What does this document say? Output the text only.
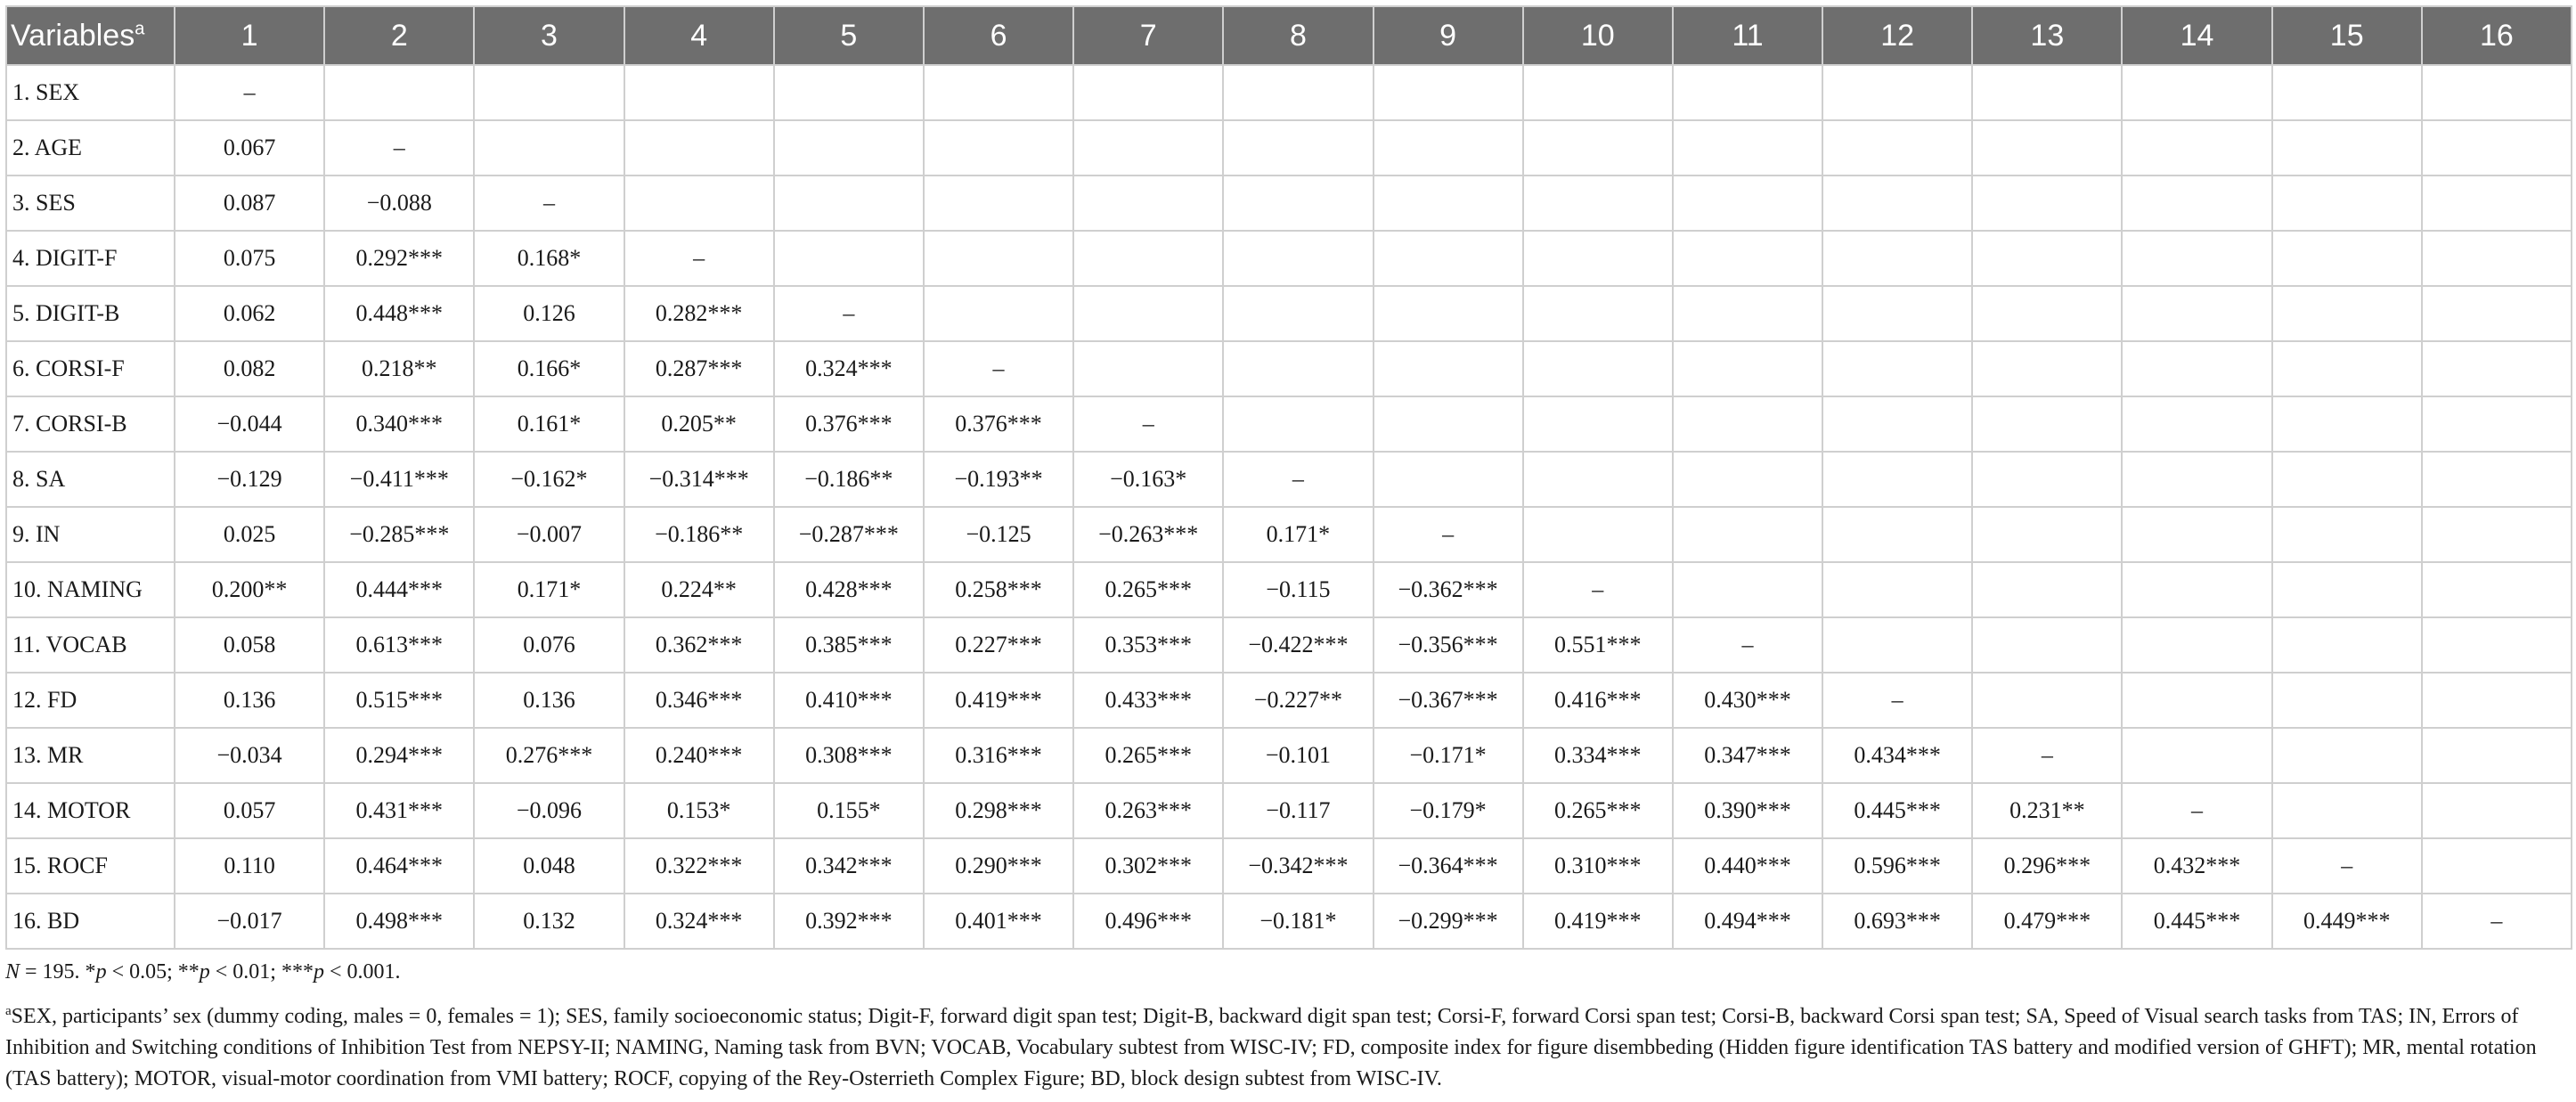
Variables$^a$	1	2	3	4	5	6	7	8	9	10	11	12	13	14	15	16
1. SEX	–															
2. AGE	0.067	–														
3. SES	0.087	−0.088	–													
4. DIGIT-F	0.075	0.292***	0.168*	–												
5. DIGIT-B	0.062	0.448***	0.126	0.282***	–											
6. CORSI-F	0.082	0.218**	0.166*	0.287***	0.324***	–										
7. CORSI-B	−0.044	0.340***	0.161*	0.205**	0.376***	0.376***	–									
8. SA	−0.129	−0.411***	−0.162*	−0.314***	−0.186**	−0.193**	−0.163*	–								
9. IN	0.025	−0.285***	−0.007	−0.186**	−0.287***	−0.125	−0.263***	0.171*	–							
10. NAMING	0.200**	0.444***	0.171*	0.224**	0.428***	0.258***	0.265***	−0.115	−0.362***	–						
11. VOCAB	0.058	0.613***	0.076	0.362***	0.385***	0.227***	0.353***	−0.422***	−0.356***	0.551***	–					
12. FD	0.136	0.515***	0.136	0.346***	0.410***	0.419***	0.433***	−0.227**	−0.367***	0.416***	0.430***	–				
13. MR	−0.034	0.294***	0.276***	0.240***	0.308***	0.316***	0.265***	−0.101	−0.171*	0.334***	0.347***	0.434***	–			
14. MOTOR	0.057	0.431***	−0.096	0.153*	0.155*	0.298***	0.263***	−0.117	−0.179*	0.265***	0.390***	0.445***	0.231**	–		
15. ROCF	0.110	0.464***	0.048	0.322***	0.342***	0.290***	0.302***	−0.342***	−0.364***	0.310***	0.440***	0.596***	0.296***	0.432***	–	
16. BD	−0.017	0.498***	0.132	0.324***	0.392***	0.401***	0.496***	−0.181*	−0.299***	0.419***	0.494***	0.693***	0.479***	0.445***	0.449***	–
N = 195. *p < 0.05; **p < 0.01; ***p < 0.001.
$^a$SEX, participants’ sex (dummy coding, males = 0, females = 1); SES, family socioeconomic status; Digit-F, forward digit span test; Digit-B, backward digit span test; Corsi-F, forward Corsi span test; Corsi-B, backward Corsi span test; SA, Speed of Visual search tasks from TAS; IN, Errors of Inhibition and Switching conditions of Inhibition Test from NEPSY-II; NAMING, Naming task from BVN; VOCAB, Vocabulary subtest from WISC-IV; FD, composite index for figure disembbeding (Hidden figure identification TAS battery and modified version of GHFT); MR, mental rotation (TAS battery); MOTOR, visual-motor coordination from VMI battery; ROCF, copying of the Rey-Osterrieth Complex Figure; BD, block design subtest from WISC-IV.
